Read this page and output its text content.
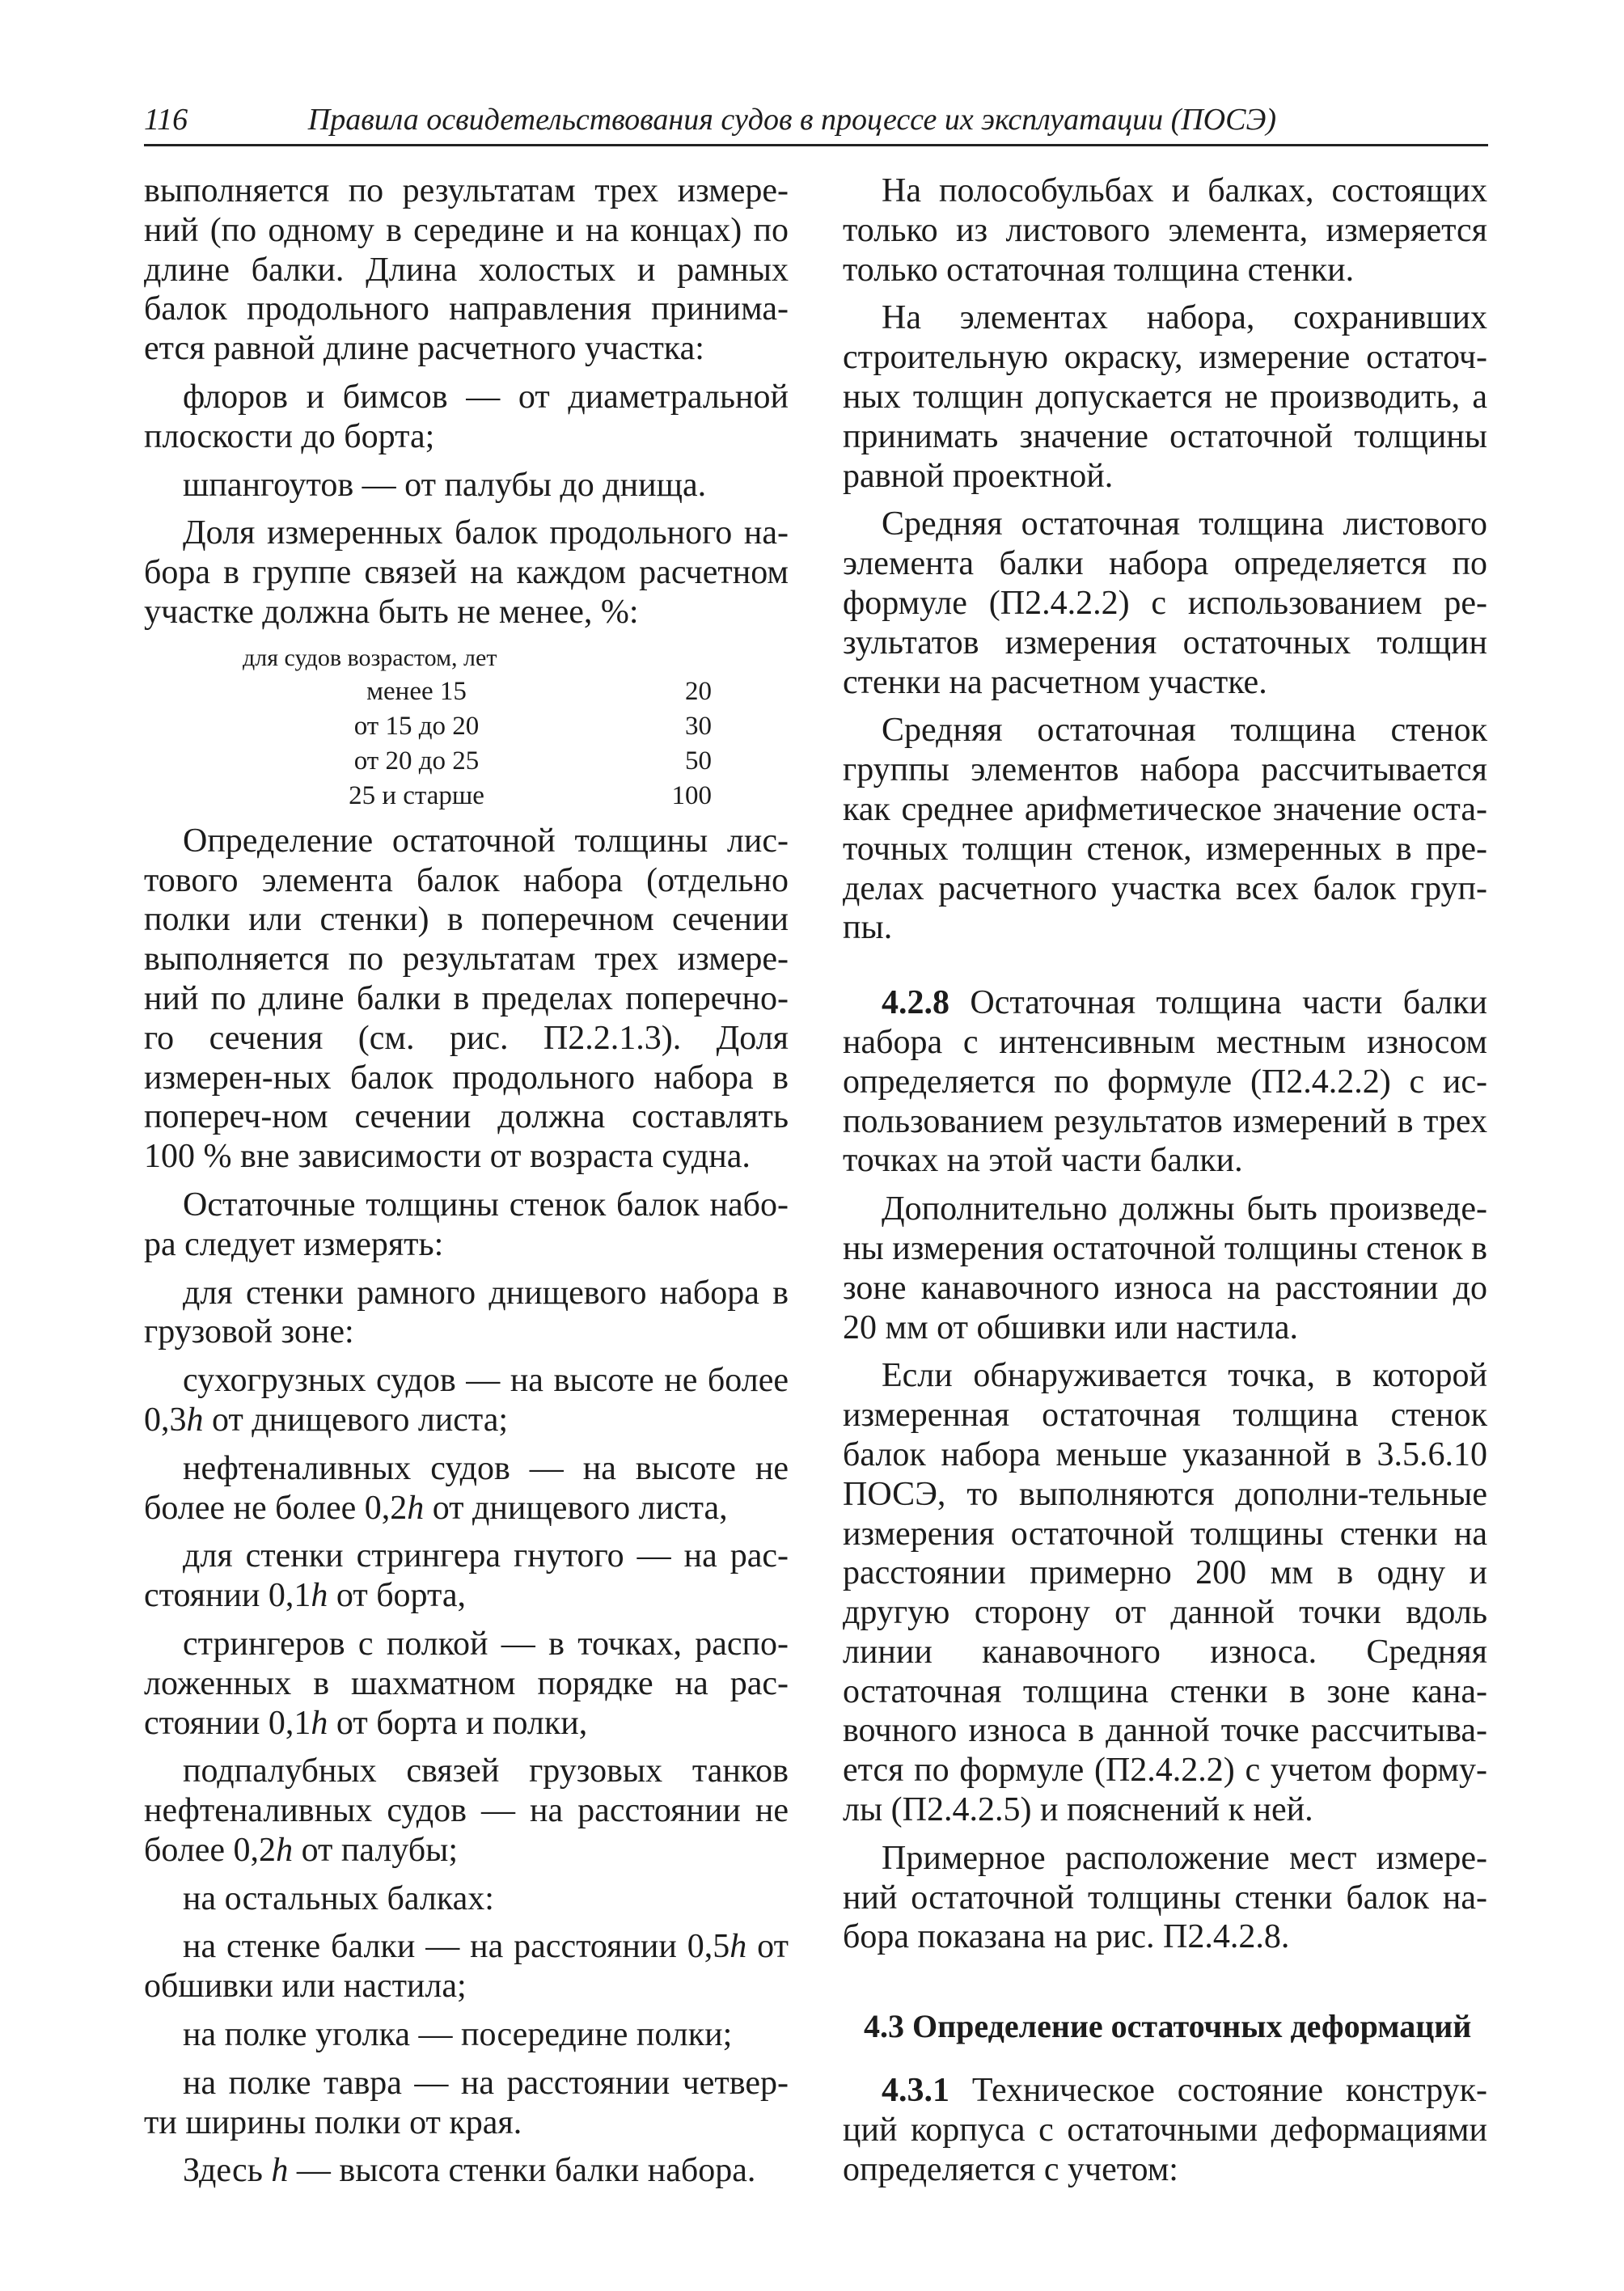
116	Правила освидетельствования судов в процессе их эксплуатации (ПОСЭ)

выполняется по результатам трех измере-ний (по одному в середине и на концах) по длине балки. Длина холостых и рамных балок продольного направления принима-ется равной длине расчетного участка:

флоров и бимсов — от диаметральной плоскости до борта;

шпангоутов — от палубы до днища.

Доля измеренных балок продольного на-бора в группе связей на каждом расчетном участке должна быть не менее, %:

для судов возрастом, лет
менее 15	20
от 15 до 20	30
от 20 до 25	50
25 и старше	100

Определение остаточной толщины лис-тового элемента балок набора (отдельно полки или стенки) в поперечном сечении выполняется по результатам трех измере-ний по длине балки в пределах поперечно-го сечения (см. рис. П2.2.1.3). Доля измерен-ных балок продольного набора в попереч-ном сечении должна составлять 100 % вне зависимости от возраста судна.

Остаточные толщины стенок балок набо-ра следует измерять:

для стенки рамного днищевого набора в грузовой зоне:

сухогрузных судов — на высоте не более 0,3h от днищевого листа;

нефтеналивных судов — на высоте не более не более 0,2h от днищевого листа,

для стенки стрингера гнутого — на рас-стоянии 0,1h от борта,

стрингеров с полкой — в точках, распо-ложенных в шахматном порядке на рас-стоянии 0,1h от борта и полки,

подпалубных связей грузовых танков нефтеналивных судов — на расстоянии не более 0,2h от палубы;

на остальных балках:

на стенке балки — на расстоянии 0,5h от обшивки или настила;

на полке уголка — посередине полки;

на полке тавра — на расстоянии четвер-ти ширины полки от края.

Здесь h — высота стенки балки набора.

На полособульбах и балках, состоящих только из листового элемента, измеряется только остаточная толщина стенки.

На элементах набора, сохранивших строительную окраску, измерение остаточ-ных толщин допускается не производить, а принимать значение остаточной толщины равной проектной.

Средняя остаточная толщина листового элемента балки набора определяется по формуле (П2.4.2.2) с использованием ре-зультатов измерения остаточных толщин стенки на расчетном участке.

Средняя остаточная толщина стенок группы элементов набора рассчитывается как среднее арифметическое значение оста-точных толщин стенок, измеренных в пре-делах расчетного участка всех балок груп-пы.

4.2.8 Остаточная толщина части балки набора с интенсивным местным износом определяется по формуле (П2.4.2.2) с ис-пользованием результатов измерений в трех точках на этой части балки.

Дополнительно должны быть произведе-ны измерения остаточной толщины стенок в зоне канавочного износа на расстоянии до 20 мм от обшивки или настила.

Если обнаруживается точка, в которой измеренная остаточная толщина стенок балок набора меньше указанной в 3.5.6.10 ПОСЭ, то выполняются дополни-тельные измерения остаточной толщины стенки на расстоянии примерно 200 мм в одну и другую сторону от данной точки вдоль линии канавочного износа. Средняя остаточная толщина стенки в зоне кана-вочного износа в данной точке рассчитыва-ется по формуле (П2.4.2.2) с учетом форму-лы (П2.4.2.5) и пояснений к ней.

Примерное расположение мест измере-ний остаточной толщины стенки балок на-бора показана на рис. П2.4.2.8.

4.3 Определение остаточных деформаций

4.3.1 Техническое состояние конструк-ций корпуса с остаточными деформациями определяется с учетом:
